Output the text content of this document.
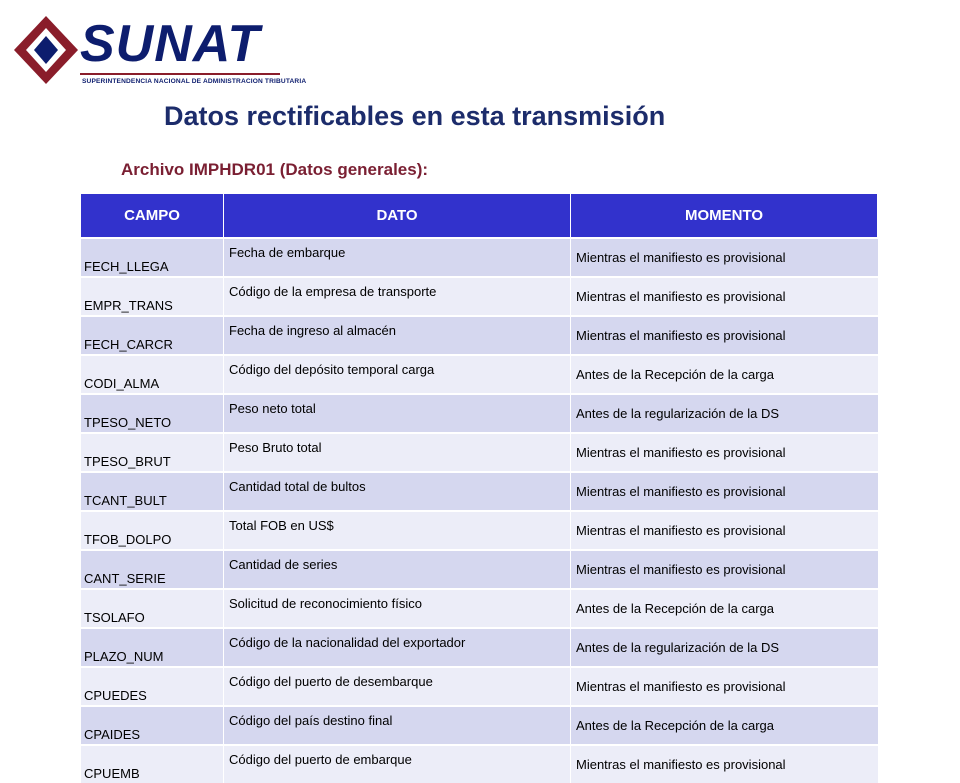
SUNAT
SUPERINTENDENCIA NACIONAL DE ADMINISTRACION TRIBUTARIA
Datos rectificables en esta transmisión
Archivo IMPHDR01 (Datos generales):
CAMPO	DATO	MOMENTO
FECH_LLEGA	Fecha de embarque	Mientras el manifiesto es provisional
EMPR_TRANS	Código de la empresa de transporte	Mientras el manifiesto es provisional
FECH_CARCR	Fecha de ingreso al almacén	Mientras el manifiesto es provisional
CODI_ALMA	Código del depósito temporal carga	Antes de la Recepción de la carga
TPESO_NETO	Peso neto total	Antes de la regularización de la DS
TPESO_BRUT	Peso Bruto total	Mientras el manifiesto es provisional
TCANT_BULT	Cantidad total de bultos	Mientras el manifiesto es provisional
TFOB_DOLPO	Total FOB en US$	Mientras el manifiesto es provisional
CANT_SERIE	Cantidad de series	Mientras el manifiesto es provisional
TSOLAFO	Solicitud de reconocimiento físico	Antes de la Recepción de la carga
PLAZO_NUM	Código de la nacionalidad del exportador	Antes de la regularización de la DS
CPUEDES	Código del puerto de desembarque	Mientras el manifiesto es provisional
CPAIDES	Código del país destino final	Antes de la Recepción de la carga
CPUEMB	Código del puerto de embarque	Mientras el manifiesto es provisional
